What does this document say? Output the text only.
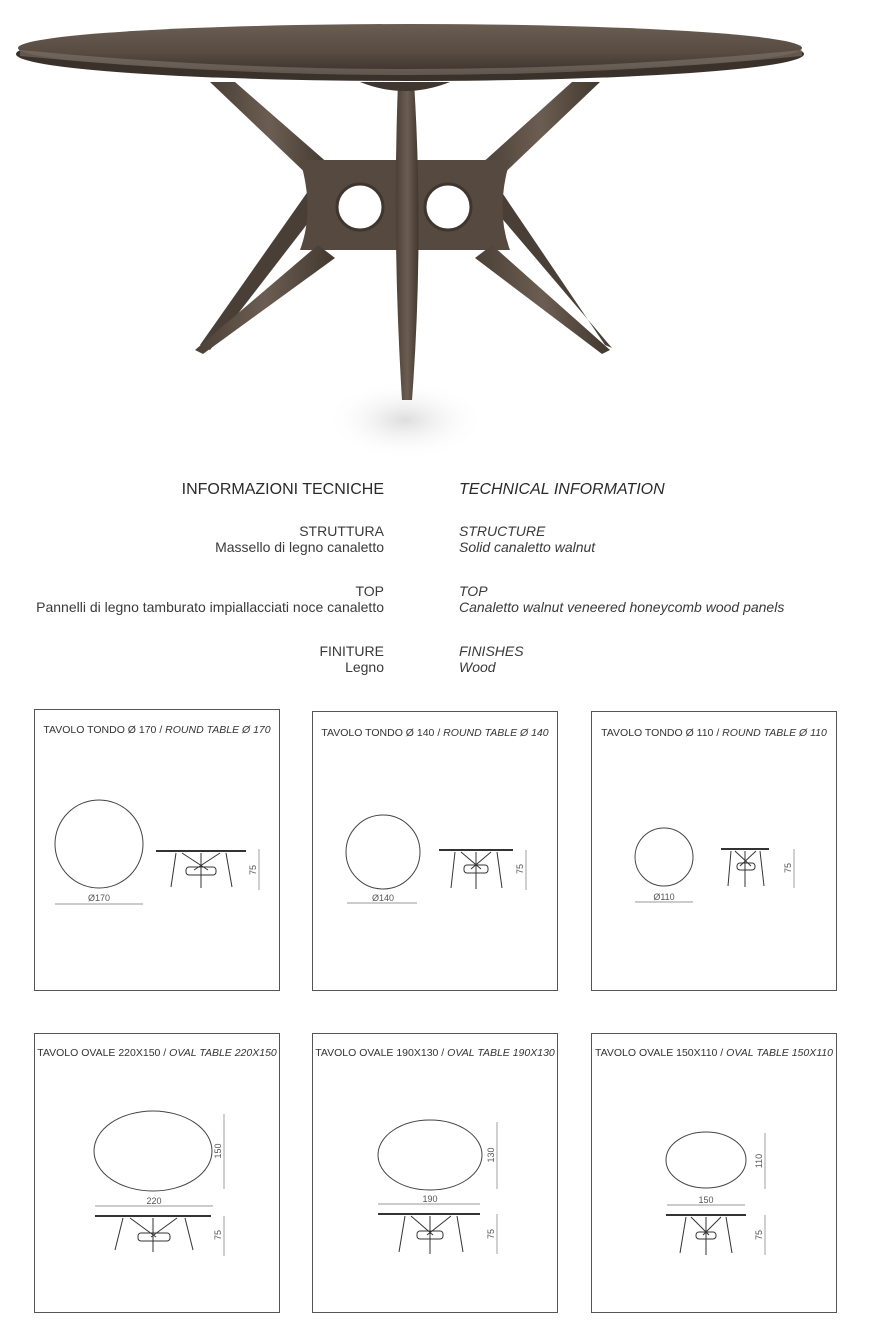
INFORMAZIONI TECNICHE	TECHNICAL INFORMATION
STRUTTURA
Massello di legno canaletto
STRUCTURE
Solid canaletto walnut
TOP
Pannelli di legno tamburato impiallacciati noce canaletto
TOP
Canaletto walnut veneered honeycomb wood panels
FINITURE
Legno
FINISHES
Wood
TAVOLO TONDO Ø 170 / ROUND TABLE Ø 170
Ø170
75
TAVOLO TONDO Ø 140 / ROUND TABLE Ø 140
Ø140
75
TAVOLO TONDO Ø 110 / ROUND TABLE Ø 110
Ø110
75
TAVOLO OVALE 220X150 / OVAL TABLE 220X150
150
220
75
TAVOLO OVALE 190X130 / OVAL TABLE 190X130
130
190
75
TAVOLO OVALE 150X110 / OVAL TABLE 150X110
110
150
75
